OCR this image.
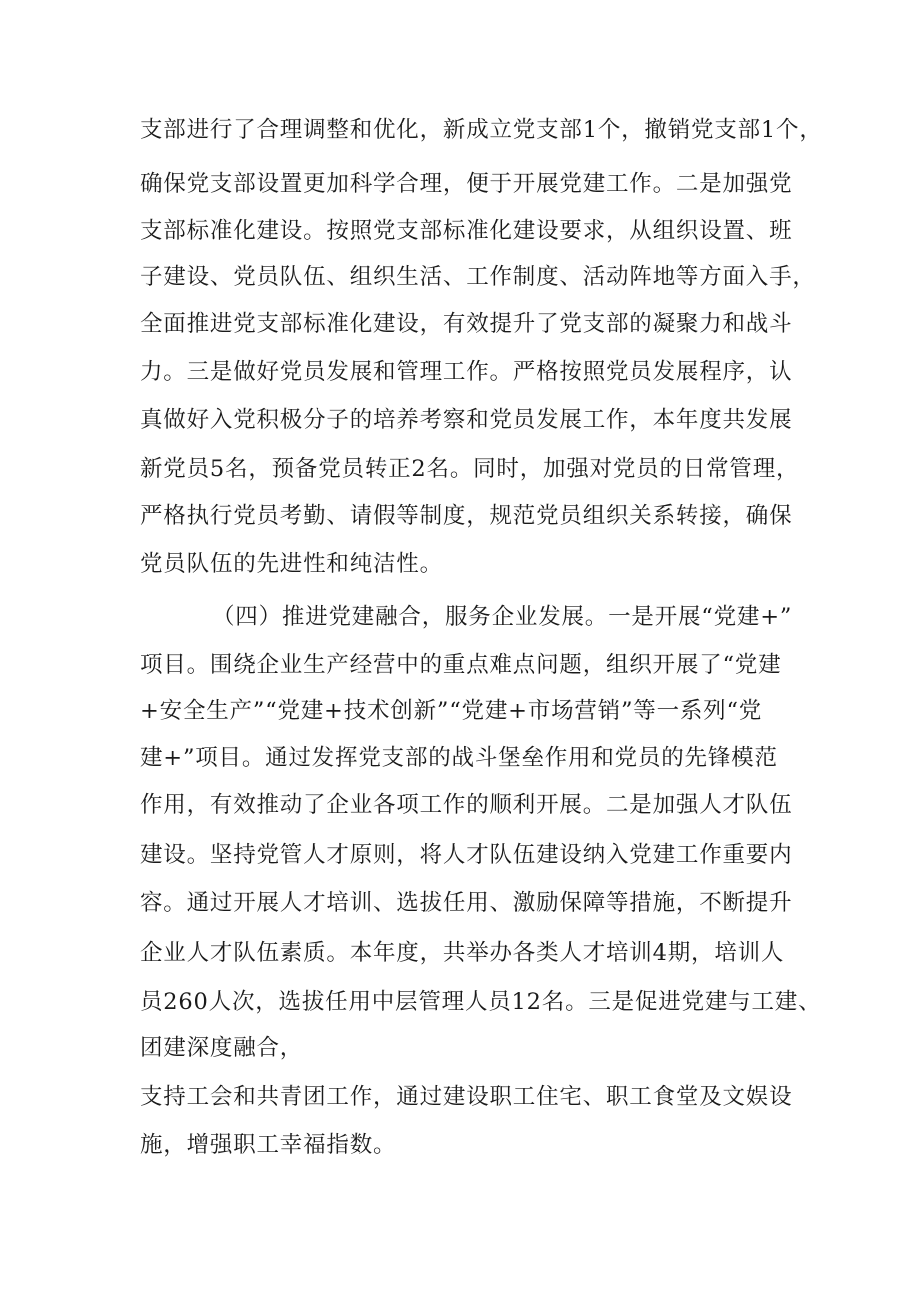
支部进行了合理调整和优化，新成立党支部1个，撤销党支部1个，
确保党支部设置更加科学合理，便于开展党建工作。二是加强党
支部标准化建设。按照党支部标准化建设要求，从组织设置、班
子建设、党员队伍、组织生活、工作制度、活动阵地等方面入手，
全面推进党支部标准化建设，有效提升了党支部的凝聚力和战斗
力。三是做好党员发展和管理工作。严格按照党员发展程序，认
真做好入党积极分子的培养考察和党员发展工作，本年度共发展
新党员5名，预备党员转正2名。同时，加强对党员的日常管理，
严格执行党员考勤、请假等制度，规范党员组织关系转接，确保
党员队伍的先进性和纯洁性。
（四）推进党建融合，服务企业发展。一是开展“党建+”
项目。围绕企业生产经营中的重点难点问题，组织开展了“党建
+安全生产”“党建+技术创新”“党建+市场营销”等一系列“党
建+”项目。通过发挥党支部的战斗堡垒作用和党员的先锋模范
作用，有效推动了企业各项工作的顺利开展。二是加强人才队伍
建设。坚持党管人才原则，将人才队伍建设纳入党建工作重要内
容。通过开展人才培训、选拔任用、激励保障等措施，不断提升
企业人才队伍素质。本年度，共举办各类人才培训4期，培训人
员260人次，选拔任用中层管理人员12名。三是促进党建与工建、
团建深度融合，
支持工会和共青团工作，通过建设职工住宅、职工食堂及文娱设
施，增强职工幸福指数。
